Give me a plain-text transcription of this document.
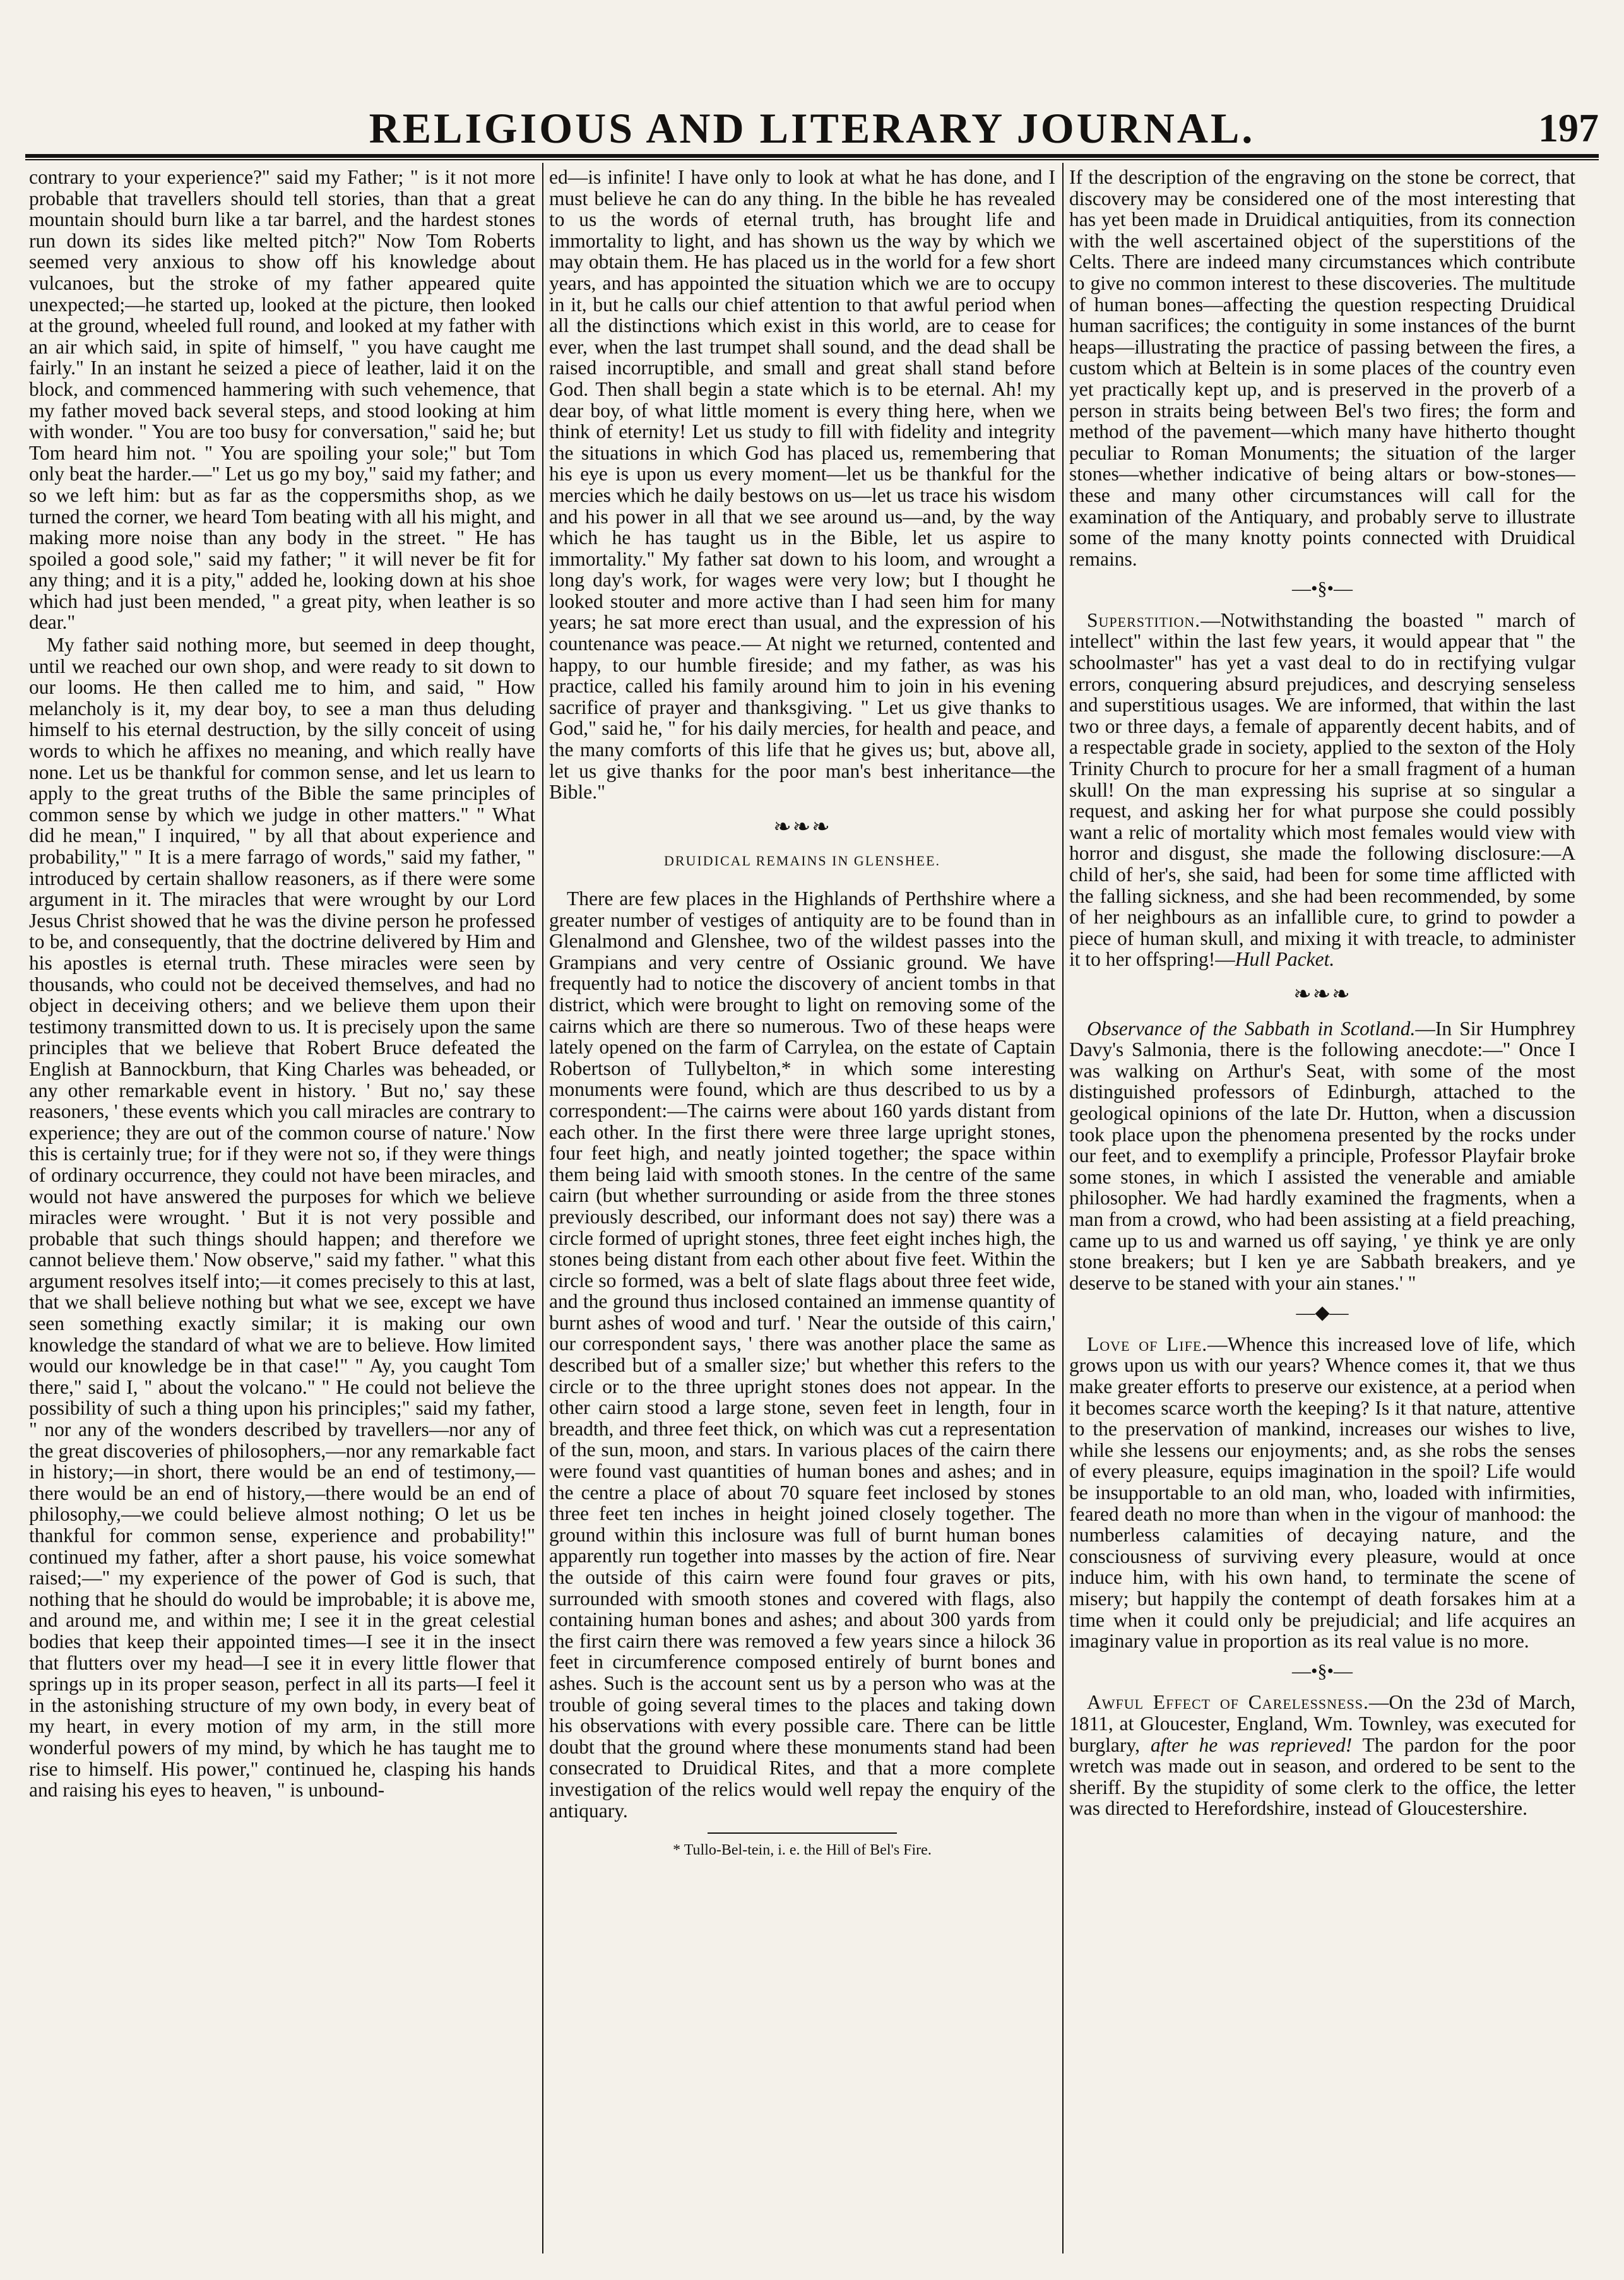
RELIGIOUS AND LITERARY JOURNAL.	197

contrary to your experience?" said my Father; " is it not more probable that travellers should tell stories, than that a great mountain should burn like a tar barrel, and the hardest stones run down its sides like melted pitch?" Now Tom Roberts seemed very anxious to show off his knowledge about vulcanoes, but the stroke of my father appeared quite unexpected;—he started up, looked at the picture, then looked at the ground, wheeled full round, and looked at my father with an air which said, in spite of himself, " you have caught me fairly." In an instant he seized a piece of leather, laid it on the block, and commenced hammering with such vehemence, that my father moved back several steps, and stood looking at him with wonder. " You are too busy for conversation," said he; but Tom heard him not. " You are spoiling your sole;" but Tom only beat the harder.—" Let us go my boy," said my father; and so we left him: but as far as the coppersmiths shop, as we turned the corner, we heard Tom beating with all his might, and making more noise than any body in the street. " He has spoiled a good sole," said my father; " it will never be fit for any thing; and it is a pity," added he, looking down at his shoe which had just been mended, " a great pity, when leather is so dear."

My father said nothing more, but seemed in deep thought, until we reached our own shop, and were ready to sit down to our looms. He then called me to him, and said, " How melancholy is it, my dear boy, to see a man thus deluding himself to his eternal destruction, by the silly conceit of using words to which he affixes no meaning, and which really have none. Let us be thankful for common sense, and let us learn to apply to the great truths of the Bible the same principles of common sense by which we judge in other matters." " What did he mean," I inquired, " by all that about experience and probability," " It is a mere farrago of words," said my father, " introduced by certain shallow reasoners, as if there were some argument in it. The miracles that were wrought by our Lord Jesus Christ showed that he was the divine person he professed to be, and consequently, that the doctrine delivered by Him and his apostles is eternal truth. These miracles were seen by thousands, who could not be deceived themselves, and had no object in deceiving others; and we believe them upon their testimony transmitted down to us. It is precisely upon the same principles that we believe that Robert Bruce defeated the English at Bannockburn, that King Charles was beheaded, or any other remarkable event in history. ' But no,' say these reasoners, ' these events which you call miracles are contrary to experience; they are out of the common course of nature.' Now this is certainly true; for if they were not so, if they were things of ordinary occurrence, they could not have been miracles, and would not have answered the purposes for which we believe miracles were wrought. ' But it is not very possible and probable that such things should happen; and therefore we cannot believe them.' Now observe," said my father. " what this argument resolves itself into;—it comes precisely to this at last, that we shall believe nothing but what we see, except we have seen something exactly similar; it is making our own knowledge the standard of what we are to believe. How limited would our knowledge be in that case!" " Ay, you caught Tom there," said I, " about the volcano." " He could not believe the possibility of such a thing upon his principles;" said my father, " nor any of the wonders described by travellers—nor any of the great discoveries of philosophers,—nor any remarkable fact in history;—in short, there would be an end of testimony,—there would be an end of history,—there would be an end of philosophy,—we could believe almost nothing; O let us be thankful for common sense, experience and probability!" continued my father, after a short pause, his voice somewhat raised;—" my experience of the power of God is such, that nothing that he should do would be improbable; it is above me, and around me, and within me; I see it in the great celestial bodies that keep their appointed times—I see it in the insect that flutters over my head—I see it in every little flower that springs up in its proper season, perfect in all its parts—I feel it in the astonishing structure of my own body, in every beat of my heart, in every motion of my arm, in the still more wonderful powers of my mind, by which he has taught me to rise to himself. His power," continued he, clasping his hands and raising his eyes to heaven, " is unbound-

ed—is infinite! I have only to look at what he has done, and I must believe he can do any thing. In the bible he has revealed to us the words of eternal truth, has brought life and immortality to light, and has shown us the way by which we may obtain them. He has placed us in the world for a few short years, and has appointed the situation which we are to occupy in it, but he calls our chief attention to that awful period when all the distinctions which exist in this world, are to cease for ever, when the last trumpet shall sound, and the dead shall be raised incorruptible, and small and great shall stand before God. Then shall begin a state which is to be eternal. Ah! my dear boy, of what little moment is every thing here, when we think of eternity! Let us study to fill with fidelity and integrity the situations in which God has placed us, remembering that his eye is upon us every moment—let us be thankful for the mercies which he daily bestows on us—let us trace his wisdom and his power in all that we see around us—and, by the way which he has taught us in the Bible, let us aspire to immortality." My father sat down to his loom, and wrought a long day's work, for wages were very low; but I thought he looked stouter and more active than I had seen him for many years; he sat more erect than usual, and the expression of his countenance was peace.— At night we returned, contented and happy, to our humble fireside; and my father, as was his practice, called his family around him to join in his evening sacrifice of prayer and thanksgiving. " Let us give thanks to God," said he, " for his daily mercies, for health and peace, and the many comforts of this life that he gives us; but, above all, let us give thanks for the poor man's best inheritance—the Bible."

❧❧❧
DRUIDICAL REMAINS IN GLENSHEE.

There are few places in the Highlands of Perthshire where a greater number of vestiges of antiquity are to be found than in Glenalmond and Glenshee, two of the wildest passes into the Grampians and very centre of Ossianic ground. We have frequently had to notice the discovery of ancient tombs in that district, which were brought to light on removing some of the cairns which are there so numerous. Two of these heaps were lately opened on the farm of Carrylea, on the estate of Captain Robertson of Tullybelton,* in which some interesting monuments were found, which are thus described to us by a correspondent:—The cairns were about 160 yards distant from each other. In the first there were three large upright stones, four feet high, and neatly jointed together; the space within them being laid with smooth stones. In the centre of the same cairn (but whether surrounding or aside from the three stones previously described, our informant does not say) there was a circle formed of upright stones, three feet eight inches high, the stones being distant from each other about five feet. Within the circle so formed, was a belt of slate flags about three feet wide, and the ground thus inclosed contained an immense quantity of burnt ashes of wood and turf. ' Near the outside of this cairn,' our correspondent says, ' there was another place the same as described but of a smaller size;' but whether this refers to the circle or to the three upright stones does not appear. In the other cairn stood a large stone, seven feet in length, four in breadth, and three feet thick, on which was cut a representation of the sun, moon, and stars. In various places of the cairn there were found vast quantities of human bones and ashes; and in the centre a place of about 70 square feet inclosed by stones three feet ten inches in height joined closely together. The ground within this inclosure was full of burnt human bones apparently run together into masses by the action of fire. Near the outside of this cairn were found four graves or pits, surrounded with smooth stones and covered with flags, also containing human bones and ashes; and about 300 yards from the first cairn there was removed a few years since a hilock 36 feet in circumference composed entirely of burnt bones and ashes. Such is the account sent us by a person who was at the trouble of going several times to the places and taking down his observations with every possible care. There can be little doubt that the ground where these monuments stand had been consecrated to Druidical Rites, and that a more complete investigation of the relics would well repay the enquiry of the antiquary.

* Tullo-Bel-tein, i. e. the Hill of Bel's Fire.

If the description of the engraving on the stone be correct, that discovery may be considered one of the most interesting that has yet been made in Druidical antiquities, from its connection with the well ascertained object of the superstitions of the Celts. There are indeed many circumstances which contribute to give no common interest to these discoveries. The multitude of human bones—affecting the question respecting Druidical human sacrifices; the contiguity in some instances of the burnt heaps—illustrating the practice of passing between the fires, a custom which at Beltein is in some places of the country even yet practically kept up, and is preserved in the proverb of a person in straits being between Bel's two fires; the form and method of the pavement—which many have hitherto thought peculiar to Roman Monuments; the situation of the larger stones—whether indicative of being altars or bow-stones—these and many other circumstances will call for the examination of the Antiquary, and probably serve to illustrate some of the many knotty points connected with Druidical remains.

—•§•—

Superstition.—Notwithstanding the boasted " march of intellect" within the last few years, it would appear that " the schoolmaster" has yet a vast deal to do in rectifying vulgar errors, conquering absurd prejudices, and descrying senseless and superstitious usages. We are informed, that within the last two or three days, a female of apparently decent habits, and of a respectable grade in society, applied to the sexton of the Holy Trinity Church to procure for her a small fragment of a human skull! On the man expressing his suprise at so singular a request, and asking her for what purpose she could possibly want a relic of mortality which most females would view with horror and disgust, she made the following disclosure:—A child of her's, she said, had been for some time afflicted with the falling sickness, and she had been recommended, by some of her neighbours as an infallible cure, to grind to powder a piece of human skull, and mixing it with treacle, to administer it to her offspring!—Hull Packet.

❧❧❧

Observance of the Sabbath in Scotland.—In Sir Humphrey Davy's Salmonia, there is the following anecdote:—" Once I was walking on Arthur's Seat, with some of the most distinguished professors of Edinburgh, attached to the geological opinions of the late Dr. Hutton, when a discussion took place upon the phenomena presented by the rocks under our feet, and to exemplify a principle, Professor Playfair broke some stones, in which I assisted the venerable and amiable philosopher. We had hardly examined the fragments, when a man from a crowd, who had been assisting at a field preaching, came up to us and warned us off saying, ' ye think ye are only stone breakers; but I ken ye are Sabbath breakers, and ye deserve to be staned with your ain stanes.' "

—◆—

Love of Life.—Whence this increased love of life, which grows upon us with our years? Whence comes it, that we thus make greater efforts to preserve our existence, at a period when it becomes scarce worth the keeping? Is it that nature, attentive to the preservation of mankind, increases our wishes to live, while she lessens our enjoyments; and, as she robs the senses of every pleasure, equips imagination in the spoil? Life would be insupportable to an old man, who, loaded with infirmities, feared death no more than when in the vigour of manhood: the numberless calamities of decaying nature, and the consciousness of surviving every pleasure, would at once induce him, with his own hand, to terminate the scene of misery; but happily the contempt of death forsakes him at a time when it could only be prejudicial; and life acquires an imaginary value in proportion as its real value is no more.

—•§•—

Awful Effect of Carelessness.—On the 23d of March, 1811, at Gloucester, England, Wm. Townley, was executed for burglary, after he was reprieved! The pardon for the poor wretch was made out in season, and ordered to be sent to the sheriff. By the stupidity of some clerk to the office, the letter was directed to Herefordshire, instead of Gloucestershire.
